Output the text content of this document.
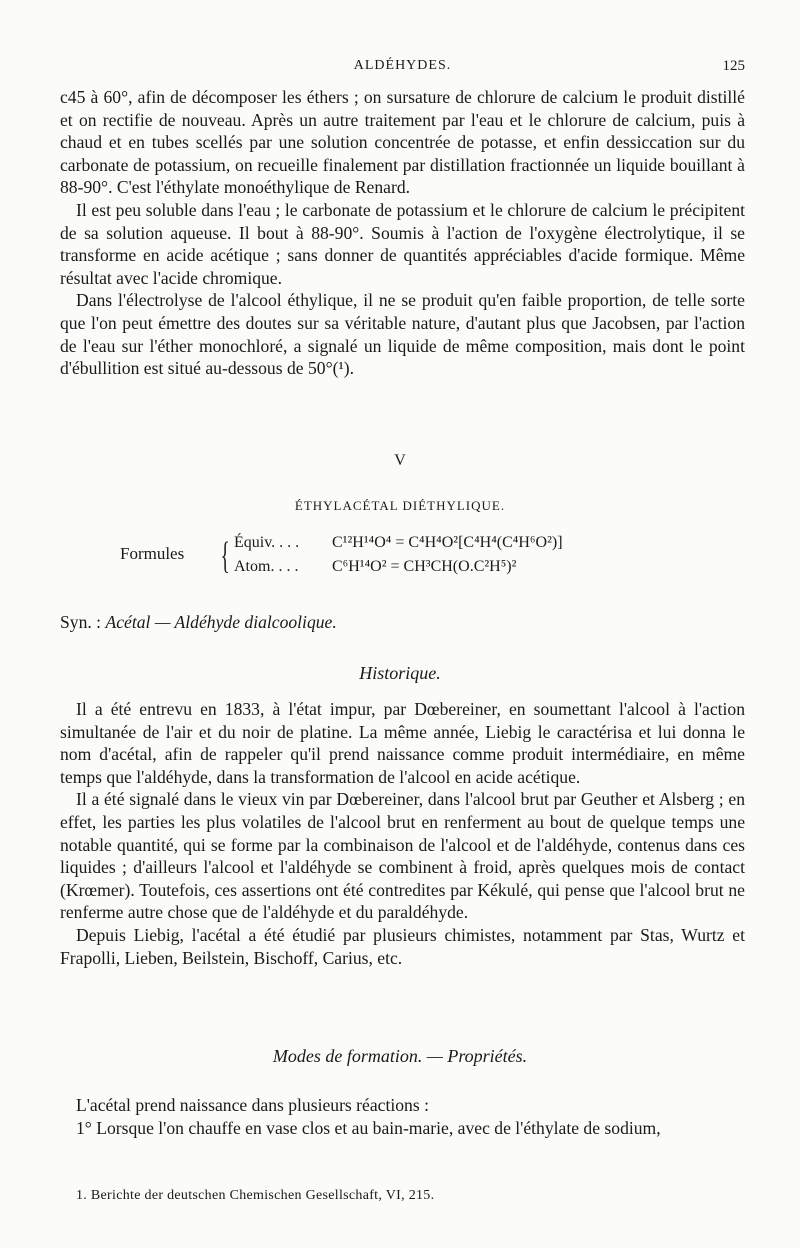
ALDÉHYDES.	125

c45 à 60°, afin de décomposer les éthers ; on sursature de chlorure de calcium le produit distillé et on rectifie de nouveau. Après un autre traitement par l'eau et le chlorure de calcium, puis à chaud et en tubes scellés par une solution concentrée de potasse, et enfin dessiccation sur du carbonate de potassium, on recueille finalement par distillation fractionnée un liquide bouillant à 88-90°. C'est l'éthylate monoéthylique de Renard.

Il est peu soluble dans l'eau ; le carbonate de potassium et le chlorure de calcium le précipitent de sa solution aqueuse. Il bout à 88-90°. Soumis à l'action de l'oxygène électrolytique, il se transforme en acide acétique ; sans donner de quantités appréciables d'acide formique. Même résultat avec l'acide chromique.

Dans l'électrolyse de l'alcool éthylique, il ne se produit qu'en faible proportion, de telle sorte que l'on peut émettre des doutes sur sa véritable nature, d'autant plus que Jacobsen, par l'action de l'eau sur l'éther monochloré, a signalé un liquide de même composition, mais dont le point d'ébullition est situé au-dessous de 50°(¹).

V
ÉTHYLACÉTAL DIÉTHYLIQUE.
Formules { Équiv. . . . C¹²H¹⁴O⁴ = C⁴H⁴O²[C⁴H⁴(C⁴H⁶O²)]
Atom. . . . C⁶H¹⁴O² = CH³CH(O.C²H⁵)²
Syn. : Acétal — Aldéhyde dialcoolique.
Historique.

Il a été entrevu en 1833, à l'état impur, par Dœbereiner, en soumettant l'alcool à l'action simultanée de l'air et du noir de platine. La même année, Liebig le caractérisa et lui donna le nom d'acétal, afin de rappeler qu'il prend naissance comme produit intermédiaire, en même temps que l'aldéhyde, dans la transformation de l'alcool en acide acétique.

Il a été signalé dans le vieux vin par Dœbereiner, dans l'alcool brut par Geuther et Alsberg ; en effet, les parties les plus volatiles de l'alcool brut en renferment au bout de quelque temps une notable quantité, qui se forme par la combinaison de l'alcool et de l'aldéhyde, contenus dans ces liquides ; d'ailleurs l'alcool et l'aldéhyde se combinent à froid, après quelques mois de contact (Krœmer). Toutefois, ces assertions ont été contredites par Kékulé, qui pense que l'alcool brut ne renferme autre chose que de l'aldéhyde et du paraldéhyde.

Depuis Liebig, l'acétal a été étudié par plusieurs chimistes, notamment par Stas, Wurtz et Frapolli, Lieben, Beilstein, Bischoff, Carius, etc.

Modes de formation. — Propriétés.

L'acétal prend naissance dans plusieurs réactions :

1° Lorsque l'on chauffe en vase clos et au bain-marie, avec de l'éthylate de sodium,

1. Berichte der deutschen Chemischen Gesellschaft, VI, 215.
